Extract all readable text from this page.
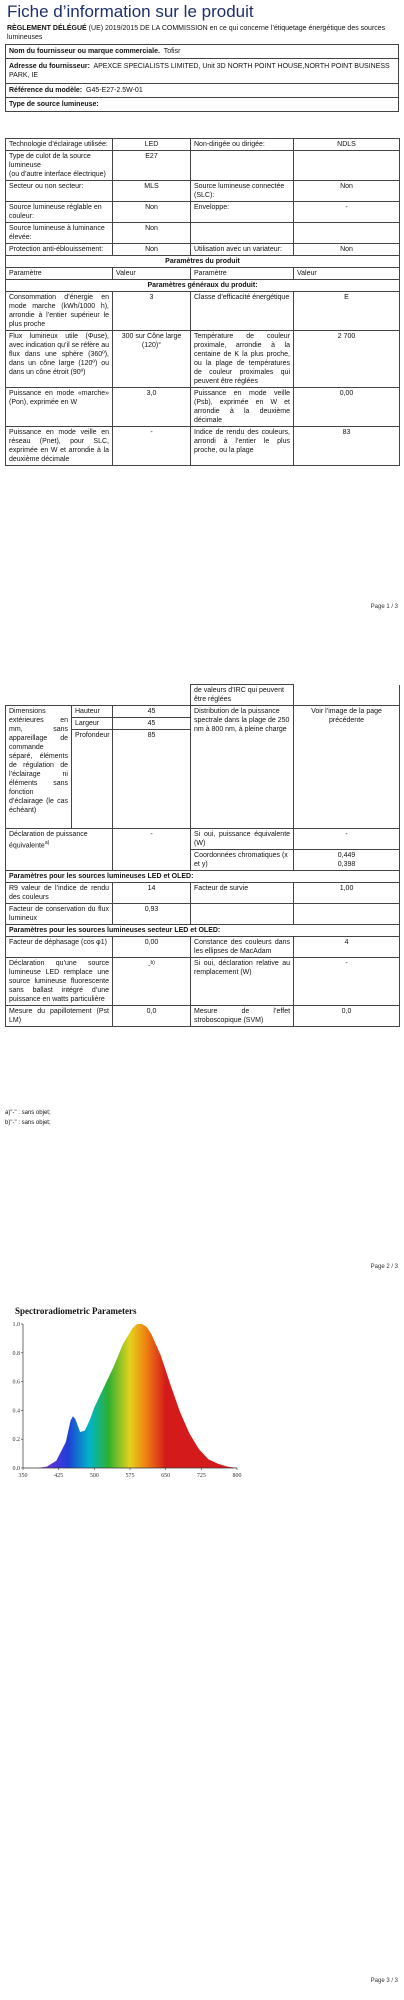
Fiche d’information sur le produit
RÈGLEMENT DÉLÉGUÉ (UE) 2019/2015 DE LA COMMISSION en ce qui concerne l’étiquetage énergétique des sources lumineuses
Nom du fournisseur ou marque commerciale. Tofisr
Adresse du fournisseur: APEXCE SPECIALISTS LIMITED, Unit 3D NORTH POINT HOUSE,NORTH POINT BUSINESS PARK, IE
Référence du modèle: G45-E27-2.5W-01
Type de source lumineuse:
Technologie d’éclairage utilisée:	LED	Non-dirigée ou dirigée:	NDLS
Type de culot de la source lumineuse
(ou d’autre interface électrique)	E27		
Secteur ou non secteur:	MLS	Source lumineuse connectée (SLC):	Non
Source lumineuse réglable en couleur:	Non	Enveloppe:	-
Source lumineuse à luminance élevée:	Non		
Protection anti-éblouissement:	Non	Utilisation avec un variateur:	Non
Paramètres du produit			
Paramètre	Valeur	Paramètre	Valeur
Paramètres généraux du produit:			
Consommation d’énergie en mode marche (kWh/1000 h), arrondie à l’entier supérieur le plus proche	3	Classe d’efficacité énergétique	E
Flux lumineux utile (Φuse), avec indication qu’il se réfère au flux dans une sphère (360º), dans un cône large (120º) ou dans un cône étroit (90º)	300 sur Cône large (120)°	Température de couleur proximale, arrondie à la centaine de K la plus proche, ou la plage de températures de couleur proximales qui peuvent être réglées	2 700
Puissance en mode «marche» (Pon), exprimée en W	3,0	Puissance en mode veille (Psb), exprimée en W et arrondie à la deuxième décimale	0,00
Puissance en mode veille en réseau (Pnet), pour SLC, exprimée en W et arrondie à la deuxième décimale	-	Indice de rendu des couleurs, arrondi à l’entier le plus proche, ou la plage	83
Page 1 / 3
			de valeurs d’IRC qui peuvent être réglées	
Dimensions extérieures en mm, sans appareillage de commande séparé, éléments de régulation de l’éclairage ni éléments sans fonction d’éclairage (le cas échéant)	Hauteur	45	Distribution de la puissance spectrale dans la plage de 250 nm à 800 nm, à pleine charge	Voir l’image de la page précédente
	Largeur	45		
	Profondeur	85		
Déclaration de puissance équivalente$^{a)}$		-	Si oui, puissance équivalente (W)	-
			Coordonnées chromatiques (x et y)	0,449
0,398

Paramètres pour les sources lumineuses LED et OLED:				
R9 valeur de l’indice de rendu des couleurs		14	Facteur de survie	1,00
Facteur de conservation du flux lumineux		0,93		
Paramètres pour les sources lumineuses secteur LED et OLED:				
Facteur de déphasage (cos φ1)		0,00	Constance des couleurs dans les ellipses de MacAdam	4
Déclaration qu’une source lumineuse LED remplace une source lumineuse fluorescente sans ballast intégré d’une puissance en watts particulière		-$^{b)}$	Si oui, déclaration relative au remplacement (W)	-
Mesure du papillotement (Pst LM)		0,0	Mesure de l’effet stroboscopique (SVM)	0,0
a)"-" : sans objet;
b)"-" : sans objet;
Page 2 / 3
Spectroradiometric Parameters
350	425	500	575	650	725	800
0.0
0.2
0.4
0.6
0.8
1.0
Page 3 / 3
